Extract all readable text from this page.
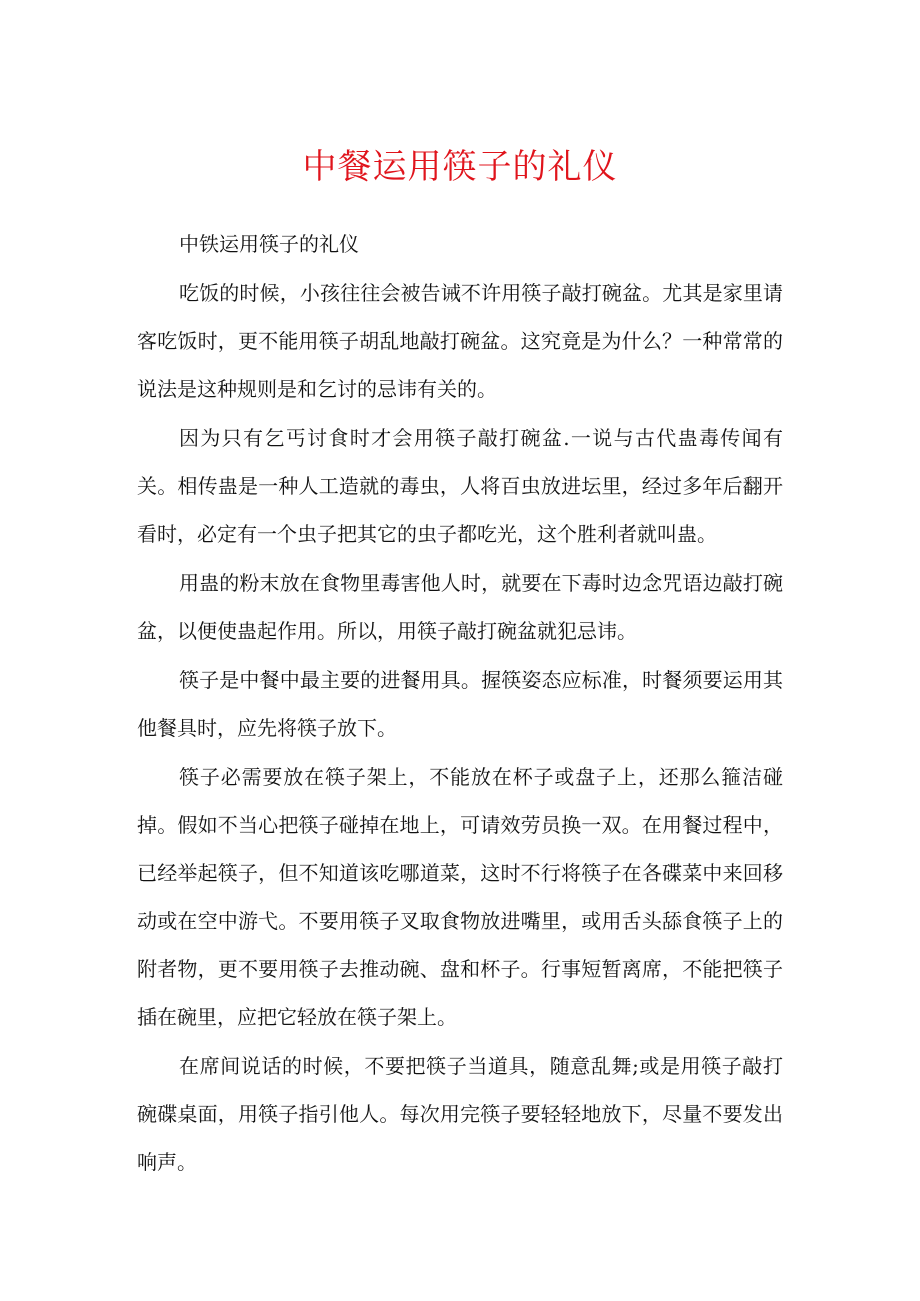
中餐运用筷子的礼仪

中铁运用筷子的礼仪

吃饭的时候，小孩往往会被告诫不许用筷子敲打碗盆。尤其是家里请客吃饭时，更不能用筷子胡乱地敲打碗盆。这究竟是为什么？一种常常的说法是这种规则是和乞讨的忌讳有关的。

因为只有乞丐讨食时才会用筷子敲打碗盆.一说与古代蛊毒传闻有关。相传蛊是一种人工造就的毒虫，人将百虫放进坛里，经过多年后翻开看时，必定有一个虫子把其它的虫子都吃光，这个胜利者就叫蛊。

用蛊的粉末放在食物里毒害他人时，就要在下毒时边念咒语边敲打碗盆，以便使蛊起作用。所以，用筷子敲打碗盆就犯忌讳。

筷子是中餐中最主要的进餐用具。握筷姿态应标准，时餐须要运用其他餐具时，应先将筷子放下。

筷子必需要放在筷子架上，不能放在杯子或盘子上，还那么箍洁碰掉。假如不当心把筷子碰掉在地上，可请效劳员换一双。在用餐过程中，已经举起筷子，但不知道该吃哪道菜，这时不行将筷子在各碟菜中来回移动或在空中游弋。不要用筷子叉取食物放进嘴里，或用舌头舔食筷子上的附者物，更不要用筷子去推动碗、盘和杯子。行事短暂离席，不能把筷子插在碗里，应把它轻放在筷子架上。

在席间说话的时候，不要把筷子当道具，随意乱舞;或是用筷子敲打碗碟桌面，用筷子指引他人。每次用完筷子要轻轻地放下，尽量不要发出响声。
